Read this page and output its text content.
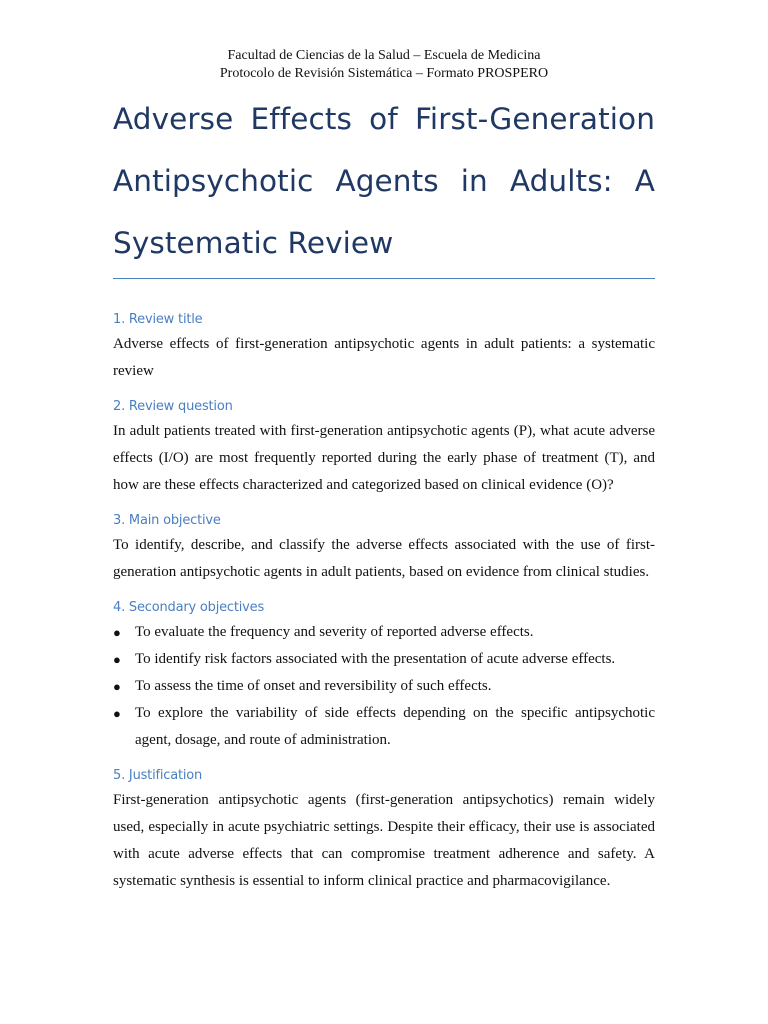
Facultad de Ciencias de la Salud – Escuela de Medicina
Protocolo de Revisión Sistemática – Formato PROSPERO
Adverse Effects of First-Generation Antipsychotic Agents in Adults: A Systematic Review
1. Review title

Adverse effects of first-generation antipsychotic agents in adult patients: a systematic review

2. Review question

In adult patients treated with first-generation antipsychotic agents (P), what acute adverse effects (I/O) are most frequently reported during the early phase of treatment (T), and how are these effects characterized and categorized based on clinical evidence (O)?

3. Main objective

To identify, describe, and classify the adverse effects associated with the use of first-generation antipsychotic agents in adult patients, based on evidence from clinical studies.

4. Secondary objectives
● To evaluate the frequency and severity of reported adverse effects.
● To identify risk factors associated with the presentation of acute adverse effects.
● To assess the time of onset and reversibility of such effects.
● To explore the variability of side effects depending on the specific antipsychotic agent, dosage, and route of administration.
5. Justification

First-generation antipsychotic agents (first-generation antipsychotics) remain widely used, especially in acute psychiatric settings. Despite their efficacy, their use is associated with acute adverse effects that can compromise treatment adherence and safety. A systematic synthesis is essential to inform clinical practice and pharmacovigilance.
